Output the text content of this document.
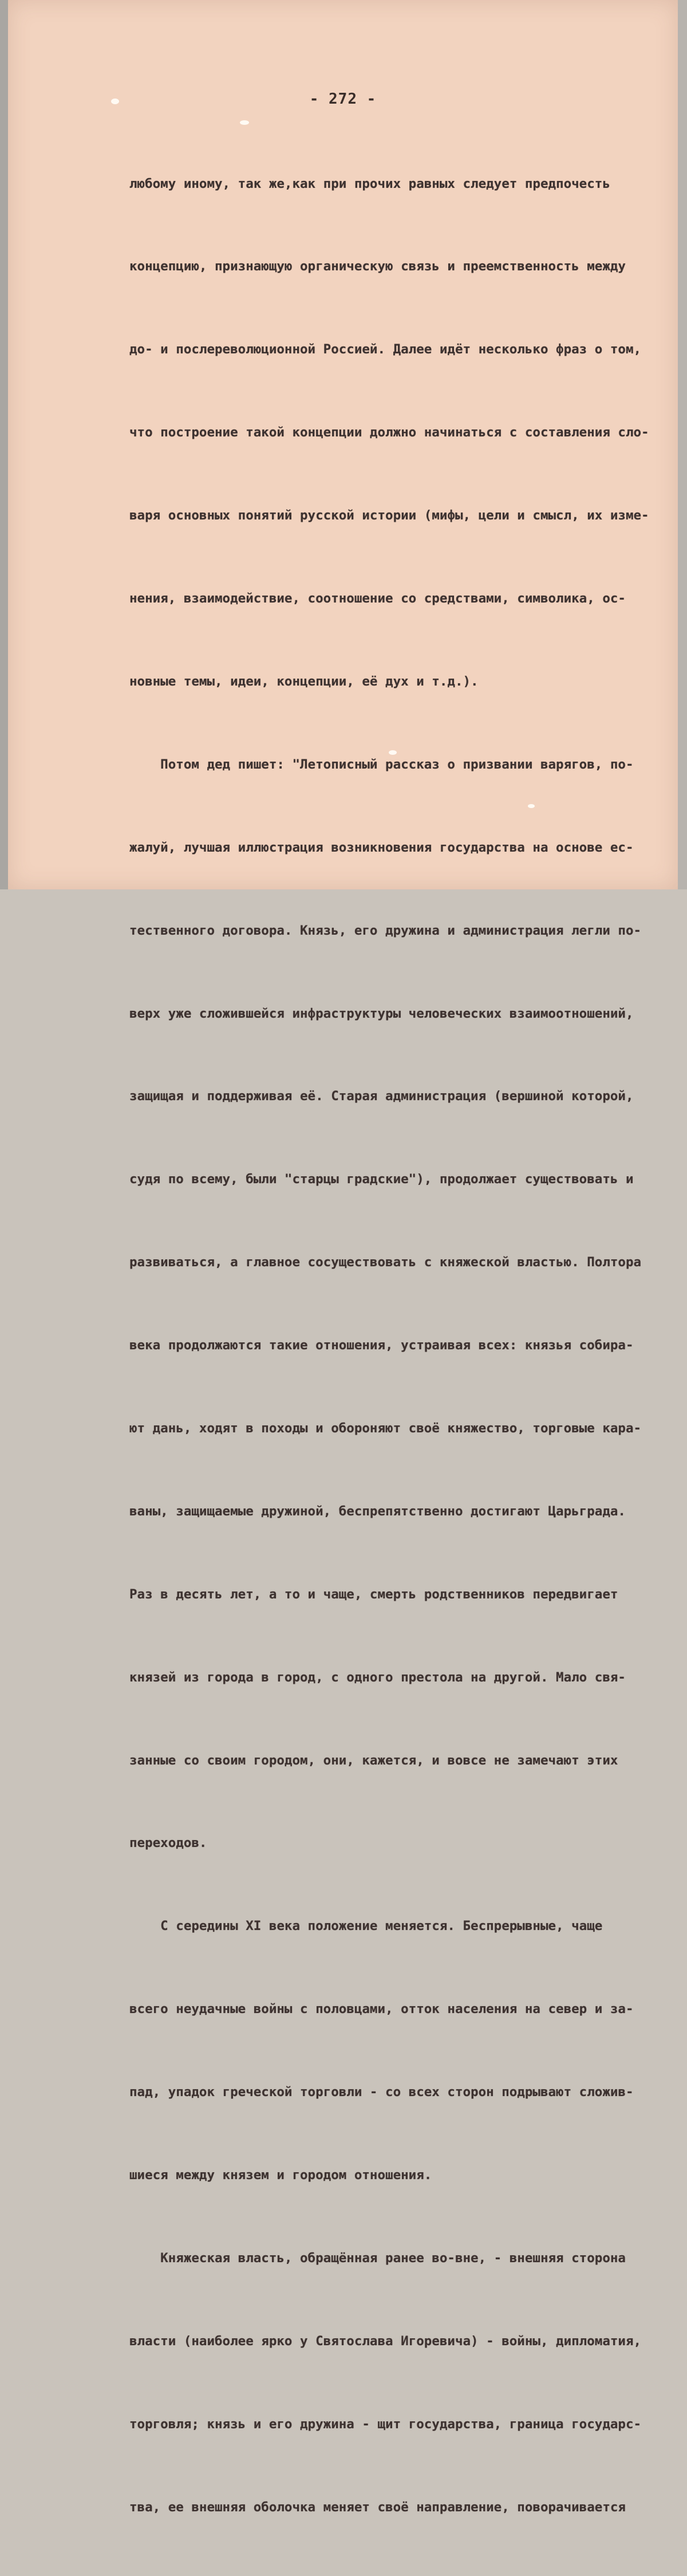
- 272 -

любому иному, так же,как при прочих равных следует предпочесть

концепцию, признающую органическую связь и преемственность между

до- и послереволюционной Россией. Далее идёт несколько фраз о том,

что построение такой концепции должно начинаться с составления сло-

варя основных понятий русской истории (мифы, цели и смысл, их изме-

нения, взаимодействие, соотношение со средствами, символика, ос-

новные темы, идеи, концепции, её дух и т.д.).

Потом дед пишет: "Летописный рассказ о призвании варягов, по-

жалуй, лучшая иллюстрация возникновения государства на основе ес-

тественного договора. Князь, его дружина и администрация легли по-

верх уже сложившейся инфраструктуры человеческих взаимоотношений,

защищая и поддерживая её. Старая администрация (вершиной которой,

судя по всему, были "старцы градские"), продолжает существовать и

развиваться, а главное сосуществовать с княжеской властью. Полтора

века продолжаются такие отношения, устраивая всех: князья собира-

ют дань, ходят в походы и обороняют своё княжество, торговые кара-

ваны, защищаемые дружиной, беспрепятственно достигают Царьграда.

Раз в десять лет, а то и чаще, смерть родственников передвигает

князей из города в город, с одного престола на другой. Мало свя-

занные со своим городом, они, кажется, и вовсе не замечают этих

переходов.

С середины XI века положение меняется. Беспрерывные, чаще

всего неудачные войны с половцами, отток населения на север и за-

пад, упадок греческой торговли - со всех сторон подрывают сложив-

шиеся между князем и городом отношения.

Княжеская власть, обращённая ранее во-вне, - внешняя сторона

власти (наиболее ярко у Святослава Игоревича) - войны, дипломатия,

торговля; князь и его дружина - щит государства, граница государс-

тва, ее внешняя оболочка меняет своё направление, поворачивается
